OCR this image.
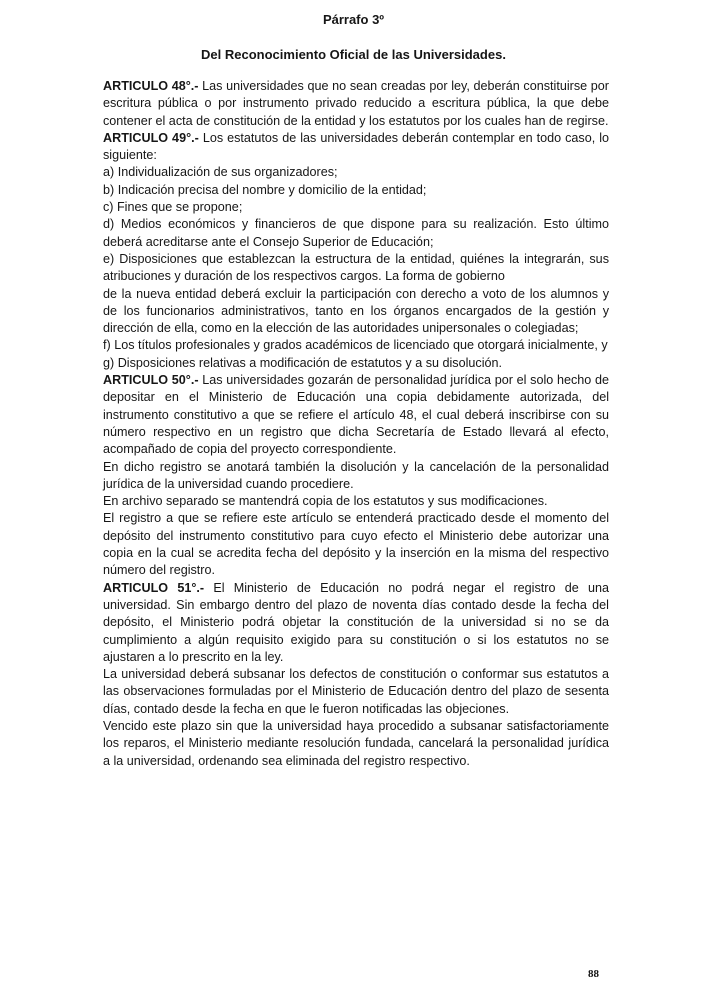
Párrafo 3º
Del Reconocimiento Oficial de las Universidades.

ARTICULO 48°.- Las universidades que no sean creadas por ley, deberán constituirse por escritura pública o por instrumento privado reducido a escritura pública, la que debe contener el acta de constitución de la entidad y los estatutos por los cuales han de regirse.

ARTICULO 49°.- Los estatutos de las universidades deberán contemplar en todo caso, lo siguiente:

a) Individualización de sus organizadores;

b) Indicación precisa del nombre y domicilio de la entidad;

c) Fines que se propone;

d) Medios económicos y financieros de que dispone para su realización. Esto último deberá acreditarse ante el Consejo Superior de Educación;

e) Disposiciones que establezcan la estructura de la entidad, quiénes la integrarán, sus atribuciones y duración de los respectivos cargos. La forma de gobierno

de la nueva entidad deberá excluir la participación con derecho a voto de los alumnos y de los funcionarios administrativos, tanto en los órganos encargados de la gestión y dirección de ella, como en la elección de las autoridades unipersonales o colegiadas;

f) Los títulos profesionales y grados académicos de licenciado que otorgará inicialmente, y

g) Disposiciones relativas a modificación de estatutos y a su disolución.

ARTICULO 50°.- Las universidades gozarán de personalidad jurídica por el solo hecho de depositar en el Ministerio de Educación una copia debidamente autorizada, del instrumento constitutivo a que se refiere el artículo 48, el cual deberá inscribirse con su número respectivo en un registro que dicha Secretaría de Estado llevará al efecto, acompañado de copia del proyecto correspondiente.

En dicho registro se anotará también la disolución y la cancelación de la personalidad jurídica de la universidad cuando procediere.

En archivo separado se mantendrá copia de los estatutos y sus modificaciones.

El registro a que se refiere este artículo se entenderá practicado desde el momento del depósito del instrumento constitutivo para cuyo efecto el Ministerio debe autorizar una copia en la cual se acredita fecha del depósito y la inserción en la misma del respectivo número del registro.

ARTICULO 51°.- El Ministerio de Educación no podrá negar el registro de una universidad. Sin embargo dentro del plazo de noventa días contado desde la fecha del depósito, el Ministerio podrá objetar la constitución de la universidad si no se da cumplimiento a algún requisito exigido para su constitución o si los estatutos no se ajustaren a lo prescrito en la ley.

La universidad deberá subsanar los defectos de constitución o conformar sus estatutos a las observaciones formuladas por el Ministerio de Educación dentro del plazo de sesenta días, contado desde la fecha en que le fueron notificadas las objeciones.

Vencido este plazo sin que la universidad haya procedido a subsanar satisfactoriamente los reparos, el Ministerio mediante resolución fundada, cancelará la personalidad jurídica a la universidad, ordenando sea eliminada del registro respectivo.

88
